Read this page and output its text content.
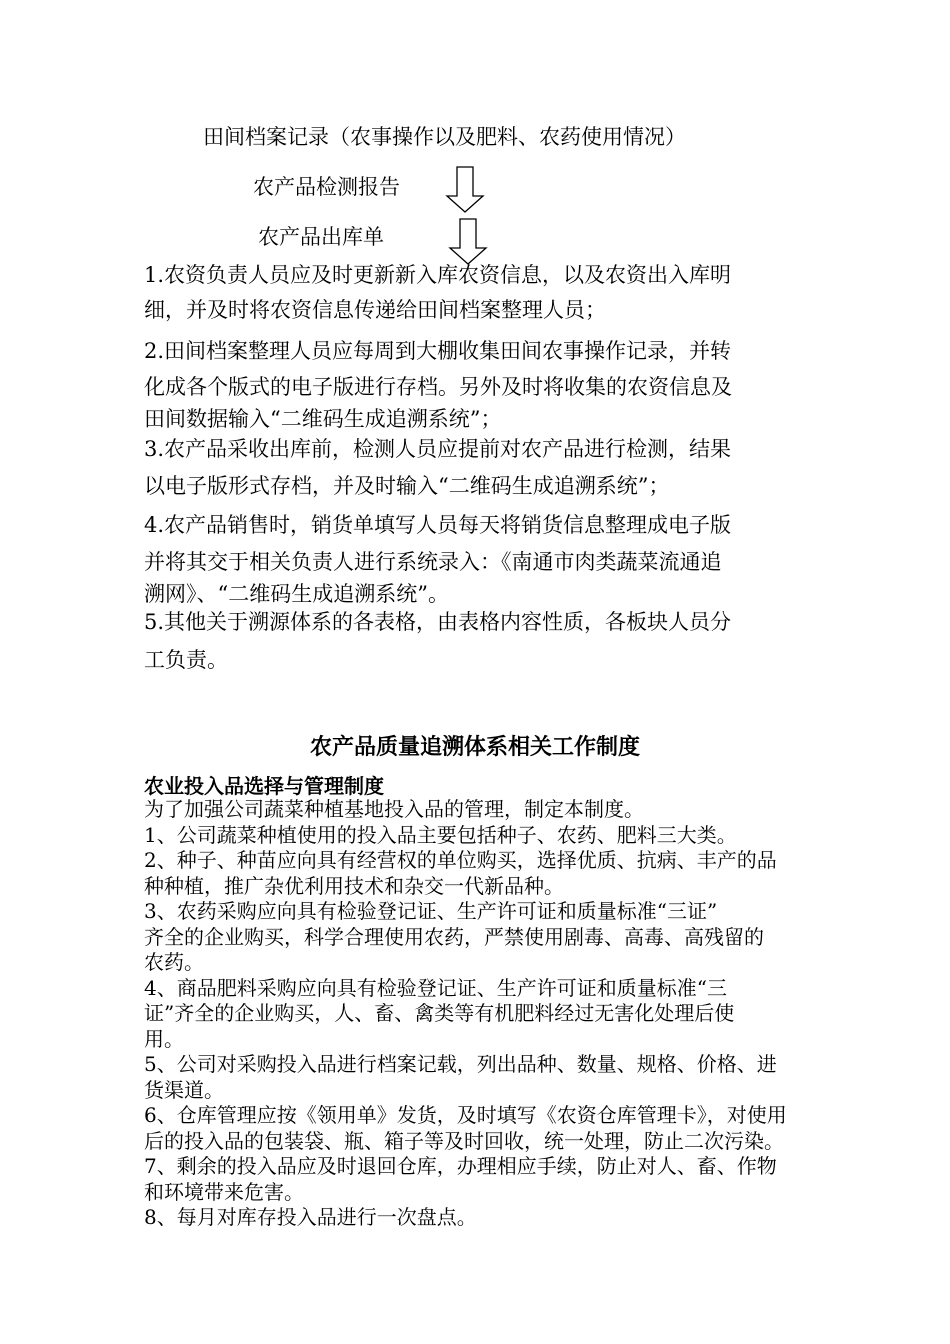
田间档案记录（农事操作以及肥料、农药使用情况）
农产品检测报告
农产品出库单
1.农资负责人员应及时更新新入库农资信息，以及农资出入库明
细，并及时将农资信息传递给田间档案整理人员；
2.田间档案整理人员应每周到大棚收集田间农事操作记录，并转
化成各个版式的电子版进行存档。另外及时将收集的农资信息及
田间数据输入“二维码生成追溯系统”；
3.农产品采收出库前，检测人员应提前对农产品进行检测，结果
以电子版形式存档，并及时输入“二维码生成追溯系统”；
4.农产品销售时，销货单填写人员每天将销货信息整理成电子版
并将其交于相关负责人进行系统录入：《南通市肉类蔬菜流通追
溯网》、“二维码生成追溯系统”。
5.其他关于溯源体系的各表格，由表格内容性质，各板块人员分
工负责。
农产品质量追溯体系相关工作制度
农业投入品选择与管理制度
为了加强公司蔬菜种植基地投入品的管理，制定本制度。
1、公司蔬菜种植使用的投入品主要包括种子、农药、肥料三大类。
2、种子、种苗应向具有经营权的单位购买，选择优质、抗病、丰产的品
种种植，推广杂优利用技术和杂交一代新品种。
3、农药采购应向具有检验登记证、生产许可证和质量标准“三证”
齐全的企业购买，科学合理使用农药，严禁使用剧毒、高毒、高残留的
农药。
4、商品肥料采购应向具有检验登记证、生产许可证和质量标准“三
证”齐全的企业购买，人、畜、禽类等有机肥料经过无害化处理后使
用。
5、公司对采购投入品进行档案记载，列出品种、数量、规格、价格、进
货渠道。
6、仓库管理应按《领用单》发货，及时填写《农资仓库管理卡》，对使用
后的投入品的包装袋、瓶、箱子等及时回收，统一处理，防止二次污染。
7、剩余的投入品应及时退回仓库，办理相应手续，防止对人、畜、作物
和环境带来危害。
8、每月对库存投入品进行一次盘点。
